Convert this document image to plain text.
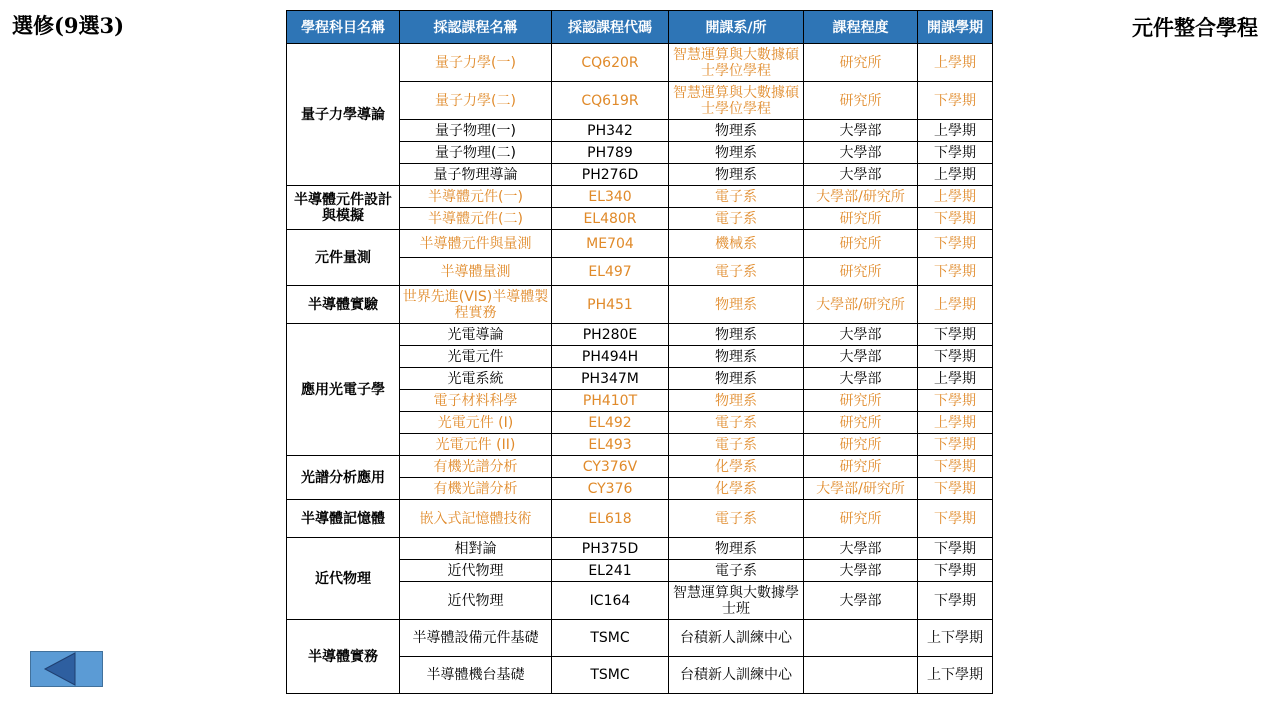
選修(9選3)	元件整合學程
學程科目名稱	採認課程名稱	採認課程代碼	開課系/所	課程程度	開課學期
量子力學導論	量子力學(一)	CQ620R	智慧運算與大數據碩士學位學程	研究所	上學期
	量子力學(二)	CQ619R	智慧運算與大數據碩士學位學程	研究所	下學期
	量子物理(一)	PH342	物理系	大學部	上學期
	量子物理(二)	PH789	物理系	大學部	下學期
	量子物理導論	PH276D	物理系	大學部	上學期
半導體元件設計與模擬	半導體元件(一)	EL340	電子系	大學部/研究所	上學期
	半導體元件(二)	EL480R	電子系	研究所	下學期
元件量測	半導體元件與量測	ME704	機械系	研究所	下學期
	半導體量測	EL497	電子系	研究所	下學期
半導體實驗	世界先進(VIS)半導體製程實務	PH451	物理系	大學部/研究所	上學期
應用光電子學	光電導論	PH280E	物理系	大學部	下學期
	光電元件	PH494H	物理系	大學部	下學期
	光電系統	PH347M	物理系	大學部	上學期
	電子材料科學	PH410T	物理系	研究所	下學期
	光電元件 (I)	EL492	電子系	研究所	上學期
	光電元件 (II)	EL493	電子系	研究所	下學期
光譜分析應用	有機光譜分析	CY376V	化學系	研究所	下學期
	有機光譜分析	CY376	化學系	大學部/研究所	下學期
半導體記憶體	嵌入式記憶體技術	EL618	電子系	研究所	下學期
近代物理	相對論	PH375D	物理系	大學部	下學期
	近代物理	EL241	電子系	大學部	下學期
	近代物理	IC164	智慧運算與大數據學士班	大學部	下學期
半導體實務	半導體設備元件基礎	TSMC	台積新人訓練中心		上下學期
	半導體機台基礎	TSMC	台積新人訓練中心		上下學期
